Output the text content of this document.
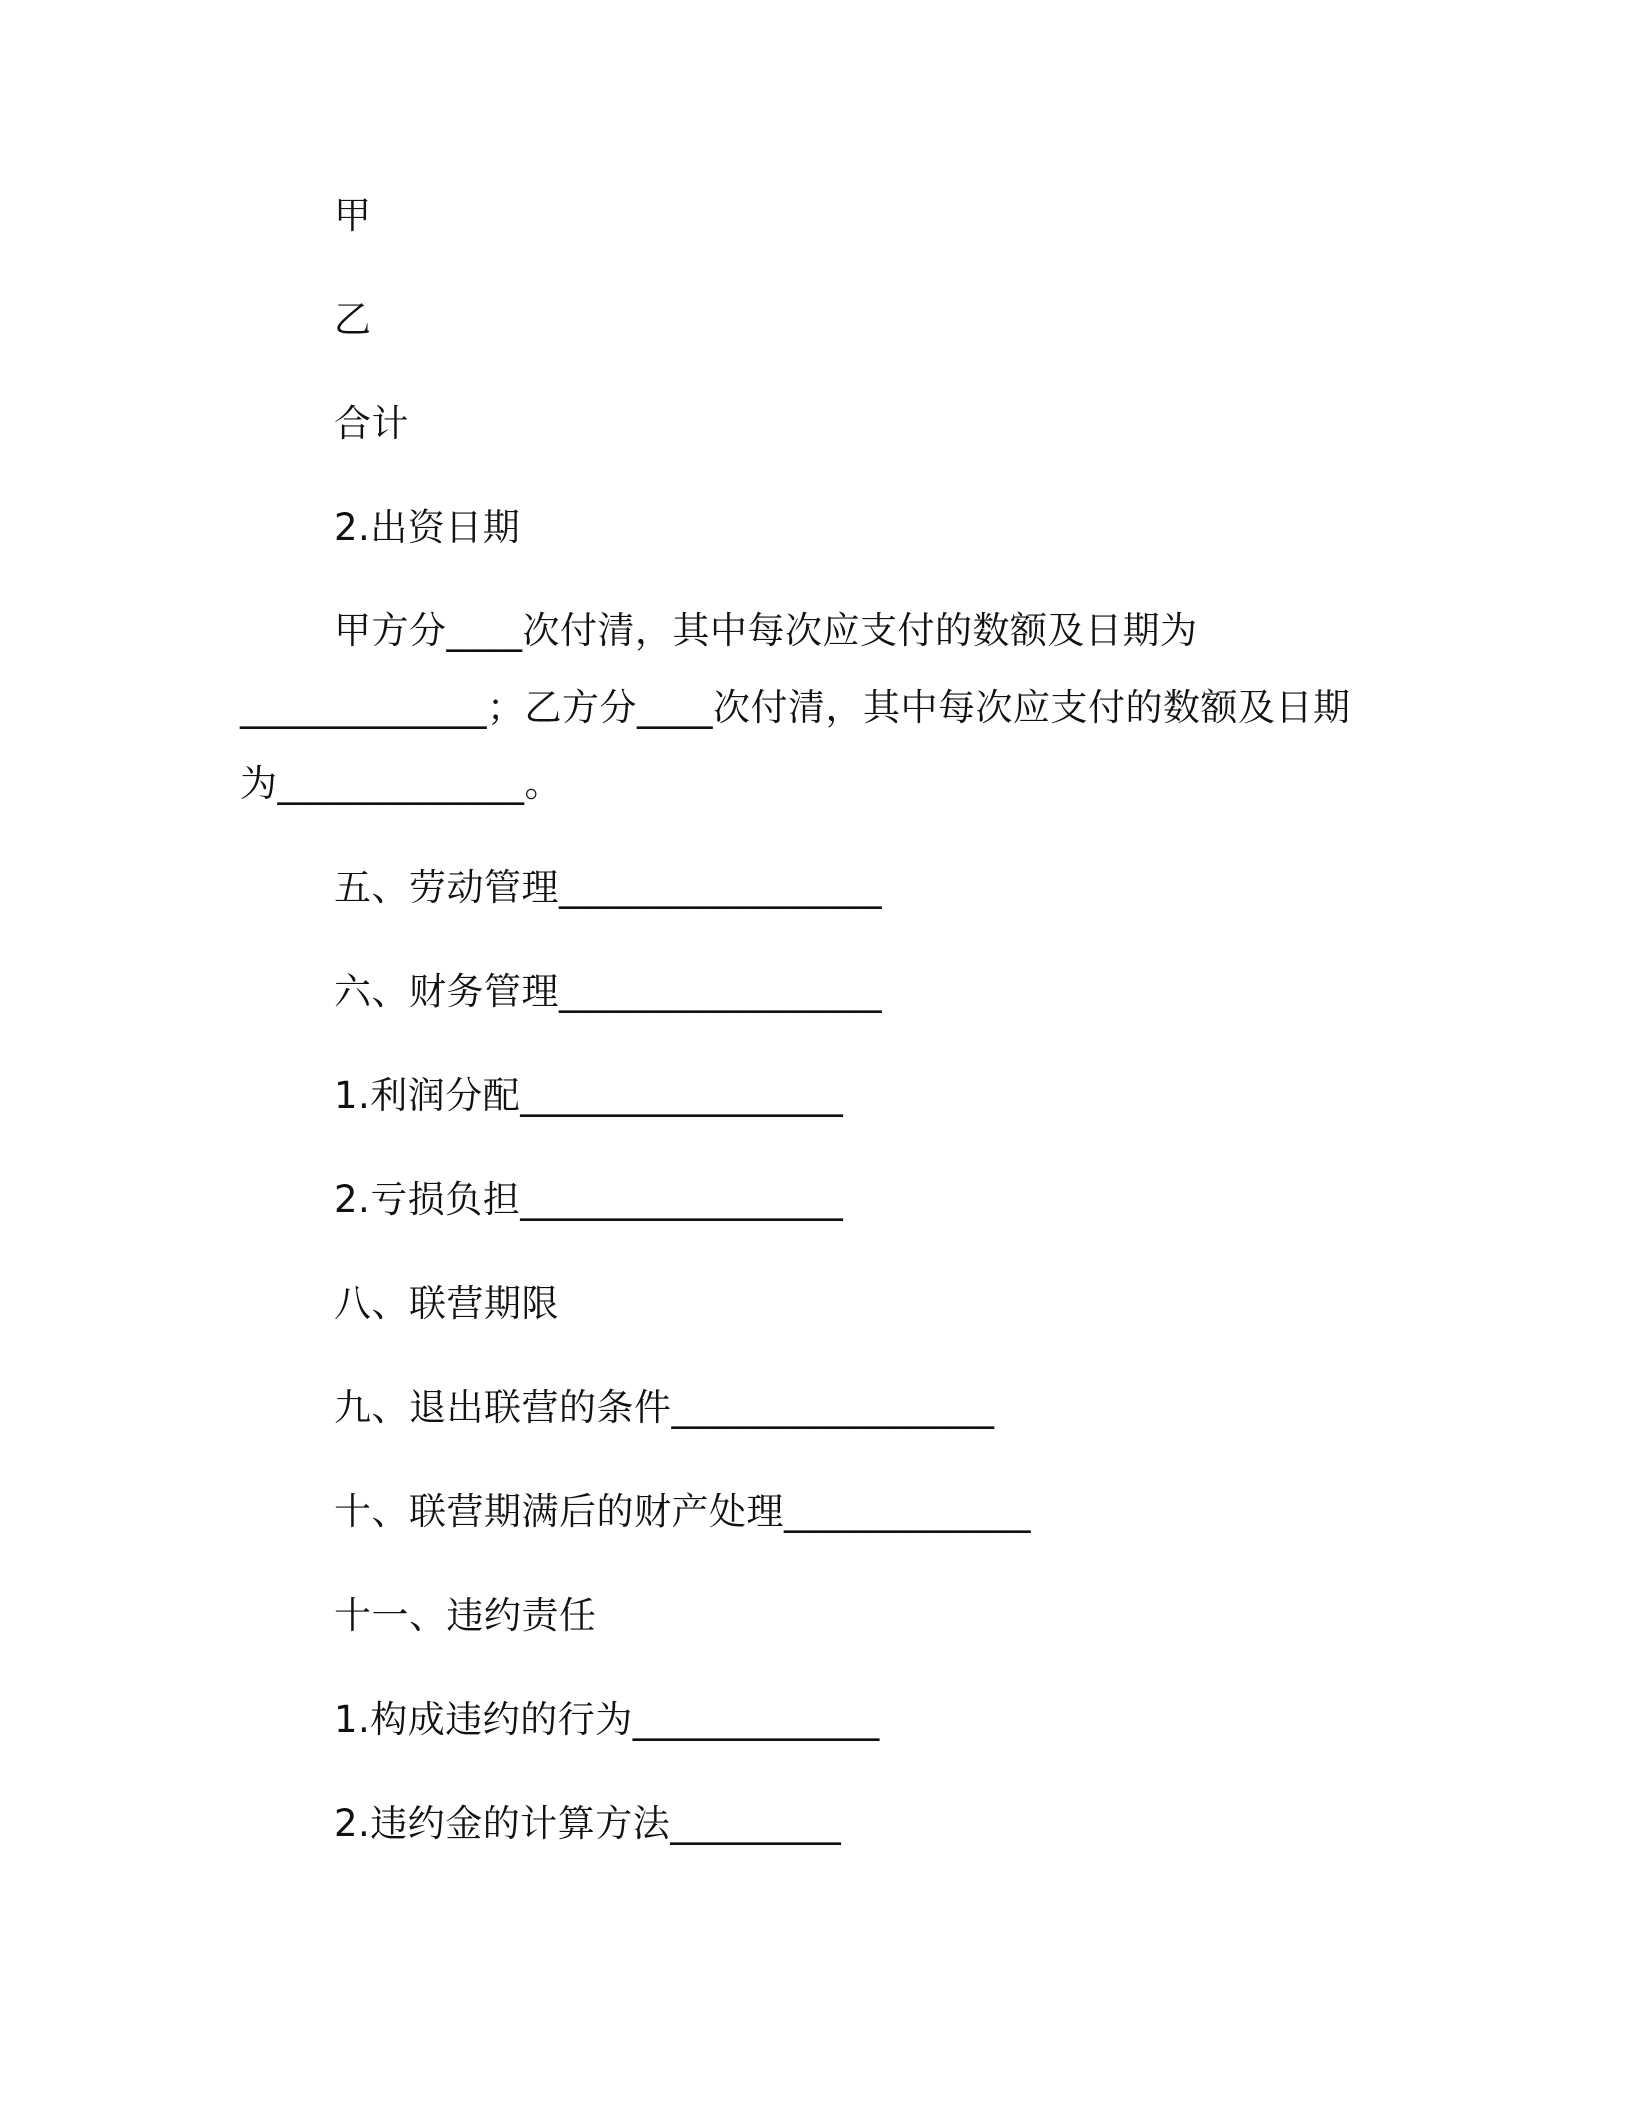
甲
乙
合计
2.出资日期
甲方分____次付清，其中每次应支付的数额及日期为
_____________；乙方分____次付清，其中每次应支付的数额及日期
为_____________。
五、劳动管理_________________
六、财务管理_________________
1.利润分配_________________
2.亏损负担_________________
八、联营期限
九、退出联营的条件_________________
十、联营期满后的财产处理_____________
十一、违约责任
1.构成违约的行为_____________
2.违约金的计算方法_________
